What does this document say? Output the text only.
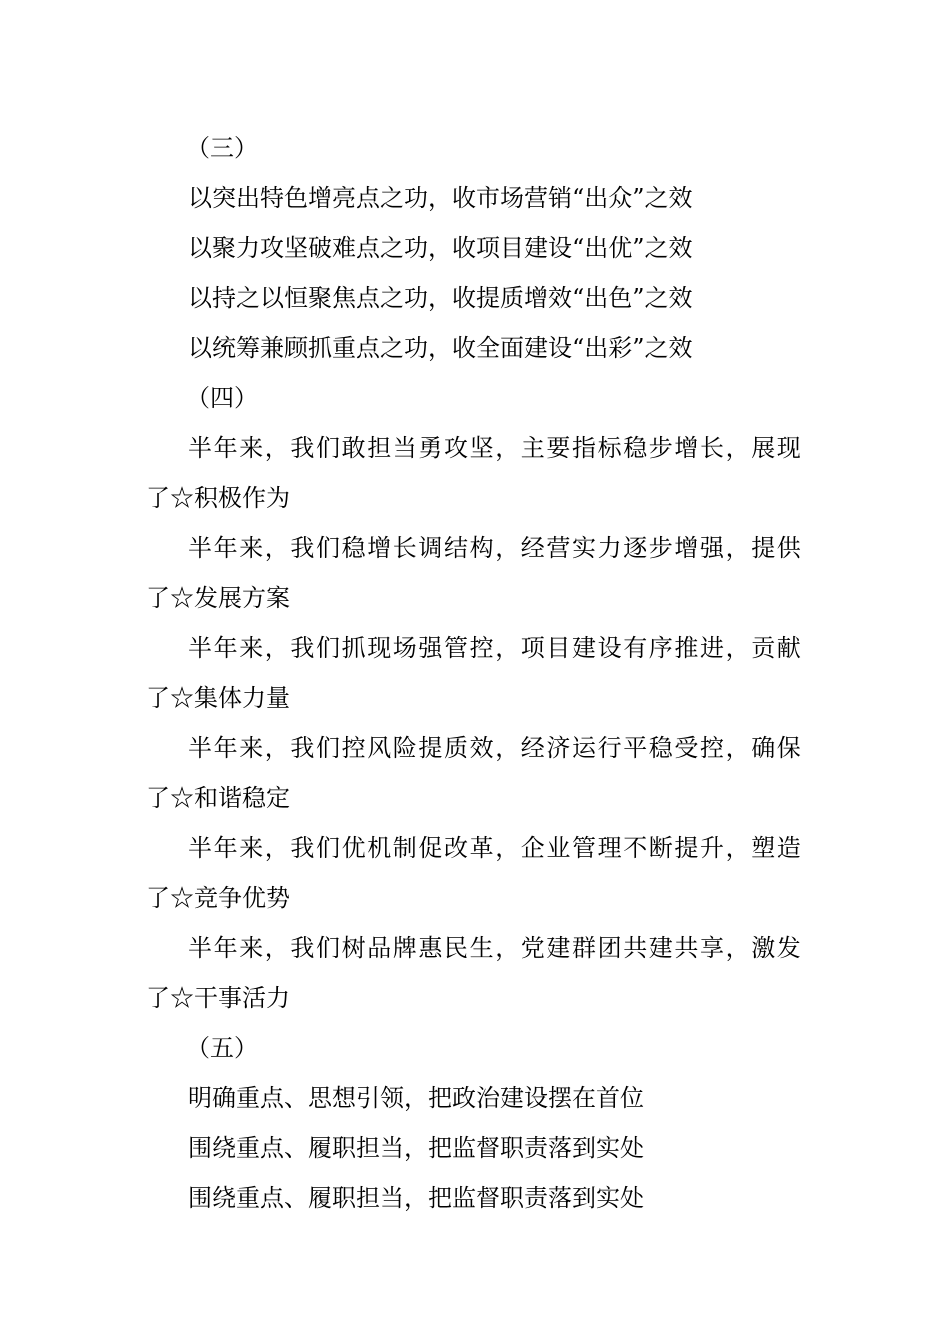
（三）
以突出特色增亮点之功，收市场营销“出众”之效
以聚力攻坚破难点之功，收项目建设“出优”之效
以持之以恒聚焦点之功，收提质增效“出色”之效
以统筹兼顾抓重点之功，收全面建设“出彩”之效
（四）
半年来，我们敢担当勇攻坚，主要指标稳步增长，展现
了☆积极作为
半年来，我们稳增长调结构，经营实力逐步增强，提供
了☆发展方案
半年来，我们抓现场强管控，项目建设有序推进，贡献
了☆集体力量
半年来，我们控风险提质效，经济运行平稳受控，确保
了☆和谐稳定
半年来，我们优机制促改革，企业管理不断提升，塑造
了☆竞争优势
半年来，我们树品牌惠民生，党建群团共建共享，激发
了☆干事活力
（五）
明确重点、思想引领，把政治建设摆在首位
围绕重点、履职担当，把监督职责落到实处
围绕重点、履职担当，把监督职责落到实处
